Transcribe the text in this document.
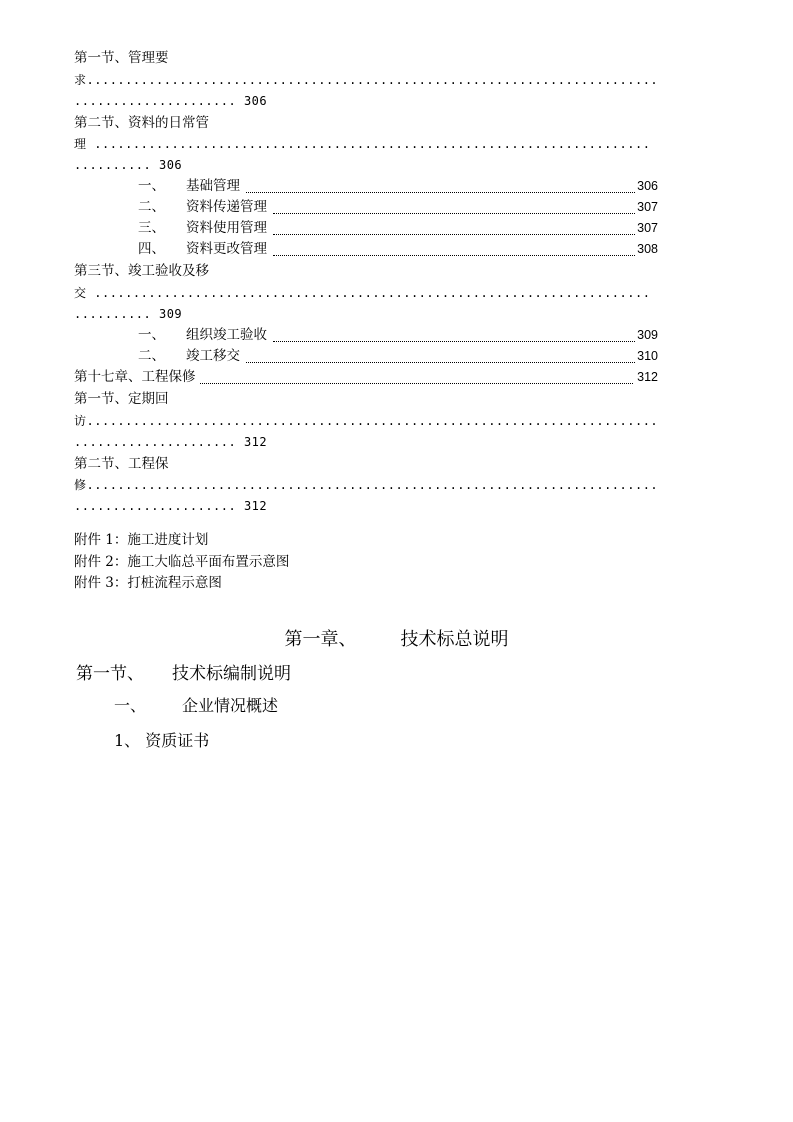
第一节、管理要
求..........................................................................
..................... 306
第二节、资料的日常管
理 ........................................................................
.......... 306
一、	基础管理	306
二、	资料传递管理	307
三、	资料使用管理	307
四、	资料更改管理	308
第三节、竣工验收及移
交 ........................................................................
.......... 309
一、	组织竣工验收	309
二、	竣工移交	310
第十七章、工程保修	312
第一节、定期回
访..........................................................................
..................... 312
第二节、工程保
修..........................................................................
..................... 312
附件 1：施工进度计划
附件 2：施工大临总平面布置示意图
附件 3：打桩流程示意图
第一章、 技术标总说明
第一节、 技术标编制说明
一、 企业情况概述
1、 资质证书
